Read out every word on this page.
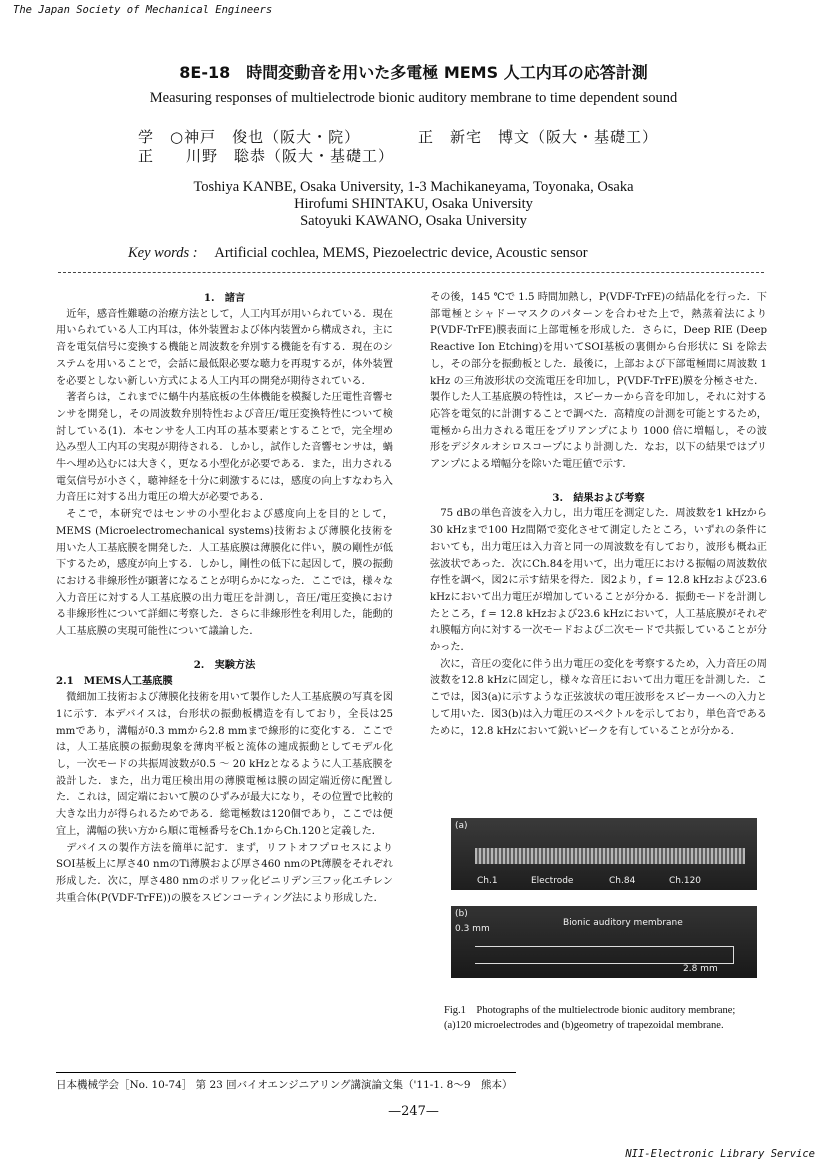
The Japan Society of Mechanical Engineers
8E-18　時間変動音を用いた多電極 MEMS 人工内耳の応答計測
Measuring responses of multielectrode bionic auditory membrane to time dependent sound
学　○神戸　俊也（阪大・院）
正　　川野　聡恭（阪大・基礎工）
正　新宅　博文（阪大・基礎工）
Toshiya KANBE, Osaka University, 1-3 Machikaneyama, Toyonaka, Osaka
Hirofumi SHINTAKU, Osaka University
Satoyuki KAWANO, Osaka University
Key words : Artificial cochlea, MEMS, Piezoelectric device, Acoustic sensor

1.　諸言

近年，感音性難聴の治療方法として，人工内耳が用いられている．現在用いられている人工内耳は，体外装置および体内装置から構成され，主に音を電気信号に変換する機能と周波数を弁別する機能を有する．現在のシステムを用いることで，会話に最低限必要な聴力を再現するが，体外装置を必要としない新しい方式による人工内耳の開発が期待されている．

著者らは，これまでに蝸牛内基底板の生体機能を模擬した圧電性音響センサを開発し，その周波数弁別特性および音圧/電圧変換特性について検討している(1)．本センサを人工内耳の基本要素とすることで，完全埋め込み型人工内耳の実現が期待される．しかし，試作した音響センサは，蝸牛へ埋め込むには大きく，更なる小型化が必要である．また，出力される電気信号が小さく，聴神経を十分に刺激するには，感度の向上すなわち入力音圧に対する出力電圧の増大が必要である．

そこで，本研究ではセンサの小型化および感度向上を目的として，MEMS (Microelectromechanical systems)技術および薄膜化技術を用いた人工基底膜を開発した．人工基底膜は薄膜化に伴い，膜の剛性が低下するため，感度が向上する．しかし，剛性の低下に起因して，膜の振動における非線形性が顕著になることが明らかになった．ここでは，様々な入力音圧に対する人工基底膜の出力電圧を計測し，音圧/電圧変換における非線形性について詳細に考察した．さらに非線形性を利用した，能動的人工基底膜の実現可能性について議論した．

2.　実験方法

2.1　MEMS人工基底膜

微細加工技術および薄膜化技術を用いて製作した人工基底膜の写真を図1に示す．本デバイスは，台形状の振動板構造を有しており，全長は25 mmであり，溝幅が0.3 mmから2.8 mmまで線形的に変化する．ここでは，人工基底膜の振動現象を薄肉平板と流体の連成振動としてモデル化し，一次モードの共振周波数が0.5 ～ 20 kHzとなるように人工基底膜を設計した．また，出力電圧検出用の薄膜電極は膜の固定端近傍に配置した．これは，固定端において膜のひずみが最大になり，その位置で比較的大きな出力が得られるためである．総電極数は120個であり，ここでは便宜上，溝幅の狭い方から順に電極番号をCh.1からCh.120と定義した．

デバイスの製作方法を簡単に記す．まず，リフトオフプロセスによりSOI基板上に厚さ40 nmのTi薄膜および厚さ460 nmのPt薄膜をそれぞれ形成した．次に，厚さ480 nmのポリフッ化ビニリデン三フッ化エチレン共重合体(P(VDF-TrFE))の膜をスピンコーティング法により形成した．

その後，145 ℃で 1.5 時間加熱し，P(VDF-TrFE)の結晶化を行った．下部電極とシャドーマスクのパターンを合わせた上で，熱蒸着法によりP(VDF-TrFE)膜表面に上部電極を形成した．さらに，Deep RIE (Deep Reactive Ion Etching)を用いてSOI基板の裏側から台形状に Si を除去し，その部分を振動板とした．最後に，上部および下部電極間に周波数 1 kHz の三角波形状の交流電圧を印加し，P(VDF-TrFE)膜を分極させた．

製作した人工基底膜の特性は，スピーカーから音を印加し，それに対する応答を電気的に計測することで調べた．高精度の計測を可能とするため，電極から出力される電圧をプリアンプにより 1000 倍に増幅し，その波形をデジタルオシロスコープにより計測した．なお，以下の結果ではプリアンプによる増幅分を除いた電圧値で示す．

3.　結果および考察

75 dBの単色音波を入力し，出力電圧を測定した．周波数を1 kHzから30 kHzまで100 Hz間隔で変化させて測定したところ，いずれの条件においても，出力電圧は入力音と同一の周波数を有しており，波形も概ね正弦波状であった．次にCh.84を用いて，出力電圧における振幅の周波数依存性を調べ，図2に示す結果を得た．図2より，f = 12.8 kHzおよび23.6 kHzにおいて出力電圧が増加していることが分かる．振動モードを計測したところ，f = 12.8 kHzおよび23.6 kHzにおいて，人工基底膜がそれぞれ膜幅方向に対する一次モードおよび二次モードで共振していることが分かった．

次に，音圧の変化に伴う出力電圧の変化を考察するため，入力音圧の周波数を12.8 kHzに固定し，様々な音圧において出力電圧を計測した．ここでは，図3(a)に示すような正弦波状の電圧波形をスピーカーへの入力として用いた．図3(b)は入力電圧のスペクトルを示しており，単色音であるために，12.8 kHzにおいて鋭いピークを有していることが分かる．

(a)
Ch.1	Electrode	Ch.84	Ch.120
(b)
0.3 mm
Bionic auditory membrane
2.8 mm
Fig.1　Photographs of the multielectrode bionic auditory membrane; (a)120 microelectrodes and (b)geometry of trapezoidal membrane.
日本機械学会［No. 10-74］ 第 23 回バイオエンジニアリング講演論文集（'11-1. 8～9　熊本）
—247—
NII-Electronic Library Service
